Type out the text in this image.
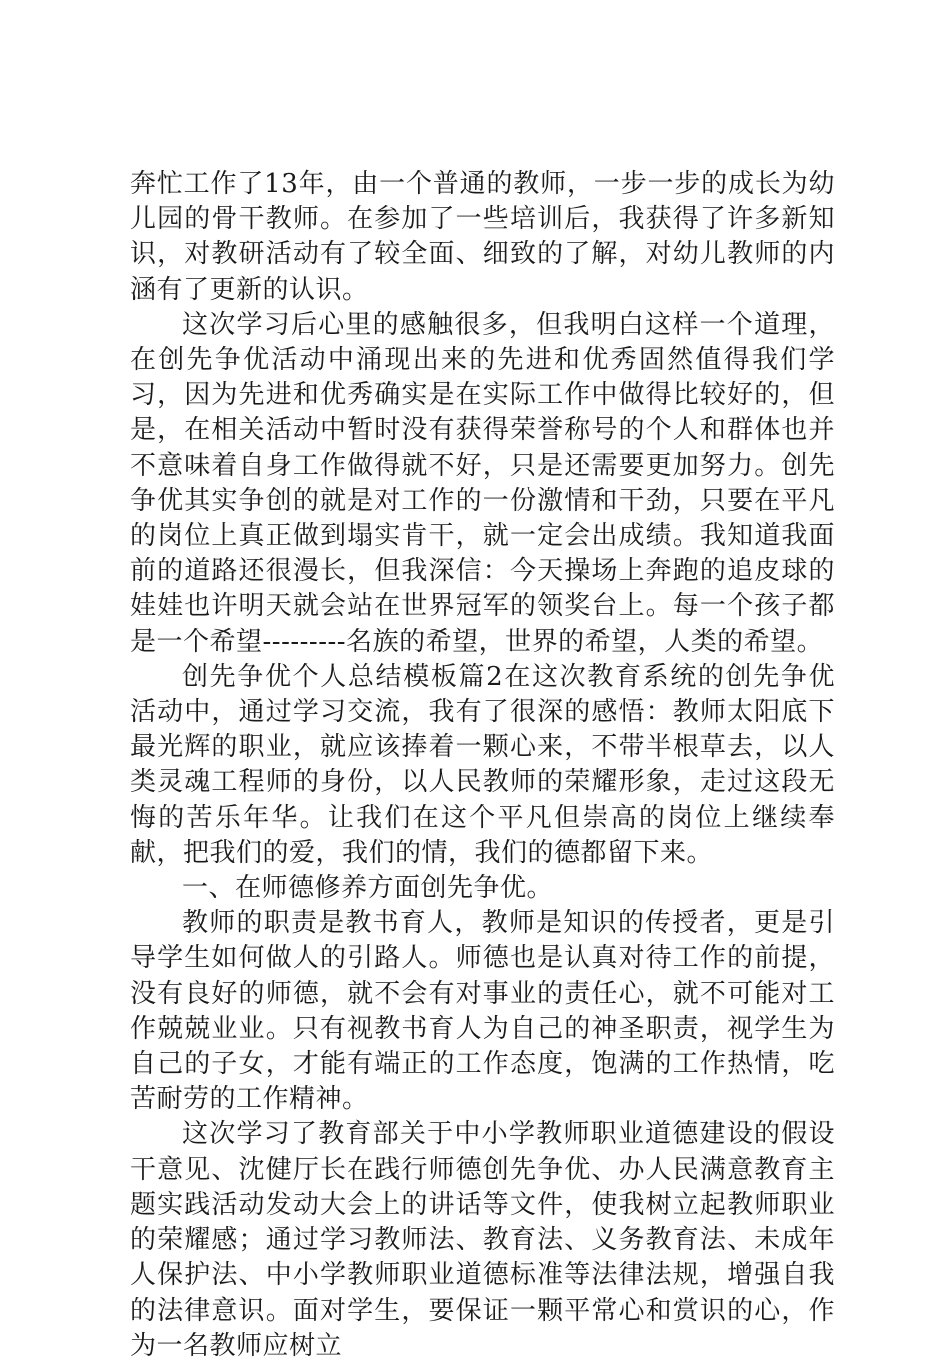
奔忙工作了13年，由一个普通的教师，一步一步的成长为幼儿园的骨干教师。在参加了一些培训后，我获得了许多新知识，对教研活动有了较全面、细致的了解，对幼儿教师的内涵有了更新的认识。

这次学习后心里的感触很多，但我明白这样一个道理，在创先争优活动中涌现出来的先进和优秀固然值得我们学习，因为先进和优秀确实是在实际工作中做得比较好的，但是，在相关活动中暂时没有获得荣誉称号的个人和群体也并不意味着自身工作做得就不好，只是还需要更加努力。创先争优其实争创的就是对工作的一份激情和干劲，只要在平凡的岗位上真正做到塌实肯干，就一定会出成绩。我知道我面前的道路还很漫长，但我深信：今天操场上奔跑的追皮球的娃娃也许明天就会站在世界冠军的领奖台上。每一个孩子都是一个希望---------名族的希望，世界的希望，人类的希望。

创先争优个人总结模板篇2在这次教育系统的创先争优活动中，通过学习交流，我有了很深的感悟：教师太阳底下最光辉的职业，就应该捧着一颗心来，不带半根草去，以人类灵魂工程师的身份，以人民教师的荣耀形象，走过这段无悔的苦乐年华。让我们在这个平凡但崇高的岗位上继续奉献，把我们的爱，我们的情，我们的德都留下来。

一、在师德修养方面创先争优。

教师的职责是教书育人，教师是知识的传授者，更是引导学生如何做人的引路人。师德也是认真对待工作的前提，没有良好的师德，就不会有对事业的责任心，就不可能对工作兢兢业业。只有视教书育人为自己的神圣职责，视学生为自己的子女，才能有端正的工作态度，饱满的工作热情，吃苦耐劳的工作精神。

这次学习了教育部关于中小学教师职业道德建设的假设干意见、沈健厅长在践行师德创先争优、办人民满意教育主题实践活动发动大会上的讲话等文件，使我树立起教师职业的荣耀感；通过学习教师法、教育法、义务教育法、未成年人保护法、中小学教师职业道德标准等法律法规，增强自我的法律意识。面对学生，要保证一颗平常心和赏识的心，作为一名教师应树立
